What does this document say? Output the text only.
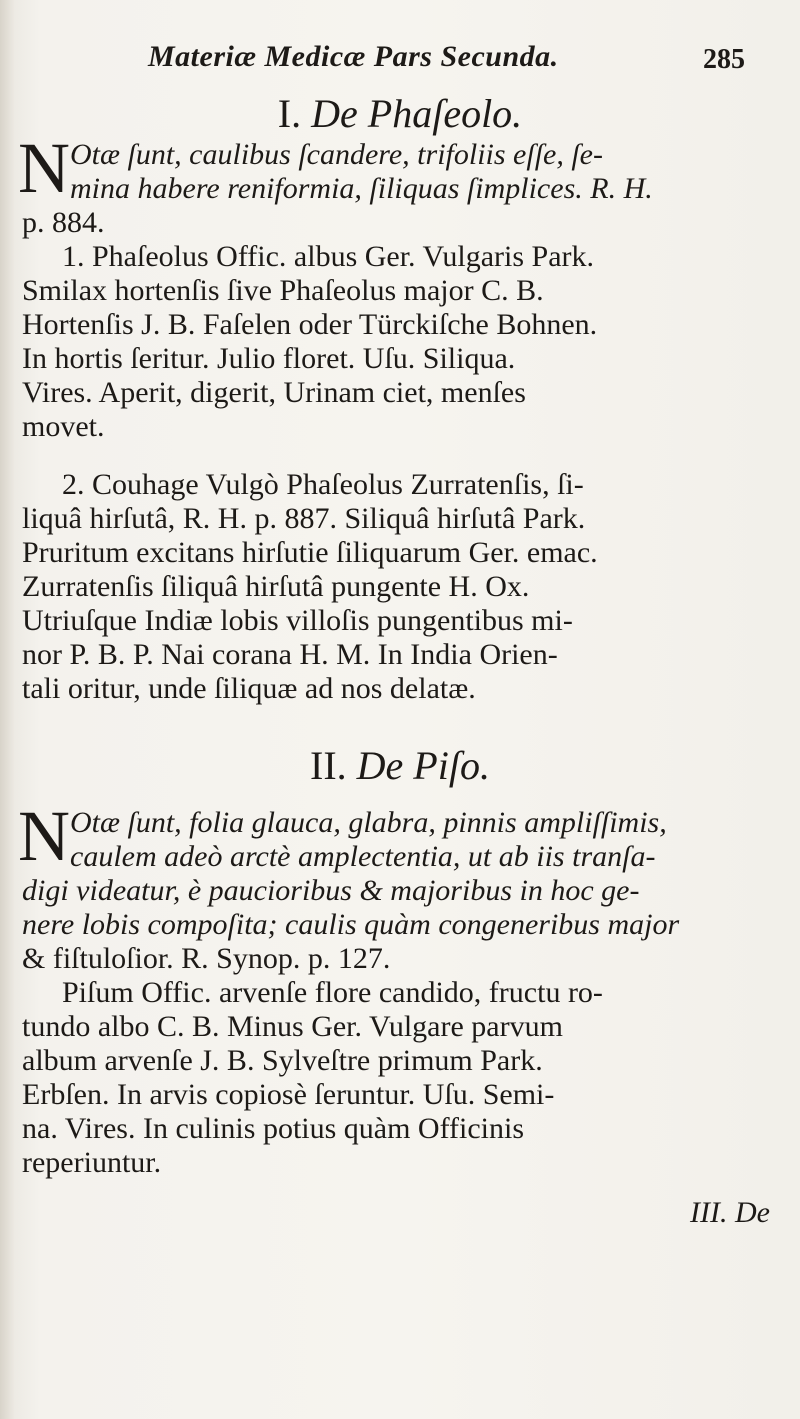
Materiæ Medicæ Pars Secunda.	285
I. De Phaſeolo.
N Otæ ſunt, caulibus ſcandere, trifoliis eſſe, ſe-
mina habere reniformia, ſiliquas ſimplices. R. H.
p. 884.
1. Phaſeolus Offic. albus Ger. Vulgaris Park.
Smilax hortenſis ſive Phaſeolus major C. B.
Hortenſis J. B. Faſelen oder Türckiſche Bohnen.
In hortis ſeritur. Julio floret. Uſu. Siliqua.
Vires. Aperit, digerit, Urinam ciet, menſes
movet.
2. Couhage Vulgò Phaſeolus Zurratenſis, ſi-
liquâ hirſutâ, R. H. p. 887. Siliquâ hirſutâ Park.
Pruritum excitans hirſutie ſiliquarum Ger. emac.
Zurratenſis ſiliquâ hirſutâ pungente H. Ox.
Utriuſque Indiæ lobis villoſis pungentibus mi-
nor P. B. P. Nai corana H. M. In India Orien-
tali oritur, unde ſiliquæ ad nos delatæ.
II. De Piſo.
N Otæ ſunt, folia glauca, glabra, pinnis ampliſſimis,
caulem adeò arctè amplectentia, ut ab iis tranſa-
digi videatur, è paucioribus & majoribus in hoc ge-
nere lobis compoſita; caulis quàm congeneribus major
& fiſtuloſior. R. Synop. p. 127.
Piſum Offic. arvenſe flore candido, fructu ro-
tundo albo C. B. Minus Ger. Vulgare parvum
album arvenſe J. B. Sylveſtre primum Park.
Erbſen. In arvis copiosè ſeruntur. Uſu. Semi-
na. Vires. In culinis potius quàm Officinis
reperiuntur.
III. De
